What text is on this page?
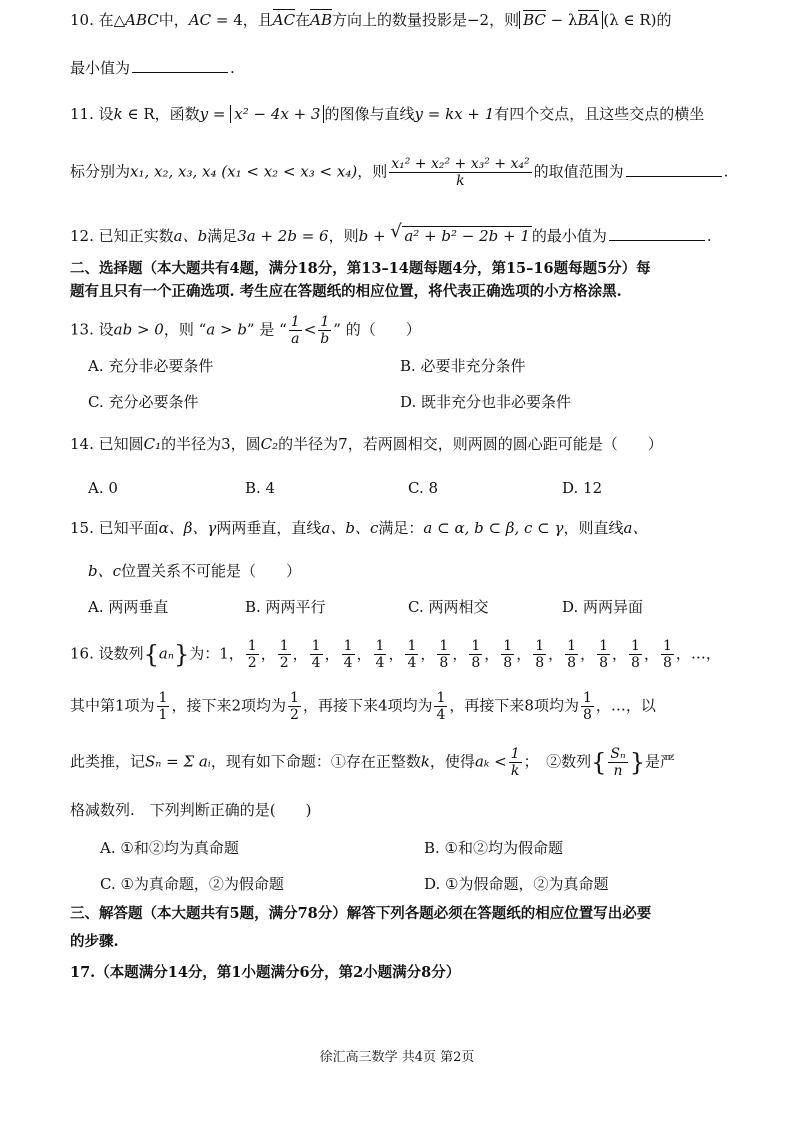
10. 在△ABC中，AC = 4，且AC在AB方向上的数量投影是−2，则 BC − λBA (λ ∈ R)的
最小值为	.
11. 设k ∈ R，函数y = x² − 4x + 3 的图像与直线y = kx + 1有四个交点，且这些交点的横坐
标分别为x₁, x₂, x₃, x₄ (x₁ < x₂ < x₃ < x₄)，则 $\frac{\text{x₁² + x₂² + x₃² + x₄²}}{k}$ 的取值范围为	.
12. 已知正实数a、b满足3a + 2b = 6，则b + √ a² + b² − 2b + 1 的最小值为	.
二、选择题（本大题共有4题，满分18分，第13–14题每题4分，第15–16题每题5分）每
题有且只有一个正确选项. 考生应在答题纸的相应位置，将代表正确选项的小方格涂黑.
13. 设ab > 0，则 “a > b” 是 “ $\frac{1}{a} < \frac{1}{b}$ ” 的（　　）
A. 充分非必要条件	B. 必要非充分条件
C. 充分必要条件	D. 既非充分也非必要条件
14. 已知圆C₁的半径为3，圆C₂的半径为7，若两圆相交，则两圆的圆心距可能是（　　）
A. 0	B. 4	C. 8	D. 12
15. 已知平面α、β、γ两两垂直，直线a、b、c满足：a ⊂ α, b ⊂ β, c ⊂ γ，则直线a、
b、c位置关系不可能是（　　）
A. 两两垂直	B. 两两平行	C. 两两相交	D. 两两异面
16. 设数列{aₙ}为：1， $\frac{1}{2}$ ， $\frac{1}{2}$ ， $\frac{1}{4}$ ， $\frac{1}{4}$ ， $\frac{1}{4}$ ， $\frac{1}{4}$ ， $\frac{1}{8}$ ， $\frac{1}{8}$ ， $\frac{1}{8}$ ， $\frac{1}{8}$ ， $\frac{1}{8}$ ， $\frac{1}{8}$ ， $\frac{1}{8}$ ， $\frac{1}{8}$ ，…，
其中第1项为 $\frac{1}{1}$ ，接下来2项均为 $\frac{1}{2}$ ，再接下来4项均为 $\frac{1}{4}$ ，再接下来8项均为 $\frac{1}{8}$ ，…，以
此类推，记Sₙ = Σ aᵢ，现有如下命题：①存在正整数k，使得$a_k < \frac{1}{k}$ ；　②数列{ $\frac{\text{Sₙ}}{n}$ }是严
格减数列.　下列判断正确的是(　　)
A. ①和②均为真命题	B. ①和②均为假命题
C. ①为真命题，②为假命题	D. ①为假命题，②为真命题
三、解答题（本大题共有5题，满分78分）解答下列各题必须在答题纸的相应位置写出必要
的步骤.
17.（本题满分14分，第1小题满分6分，第2小题满分8分）
徐汇高三数学 共4页 第2页
